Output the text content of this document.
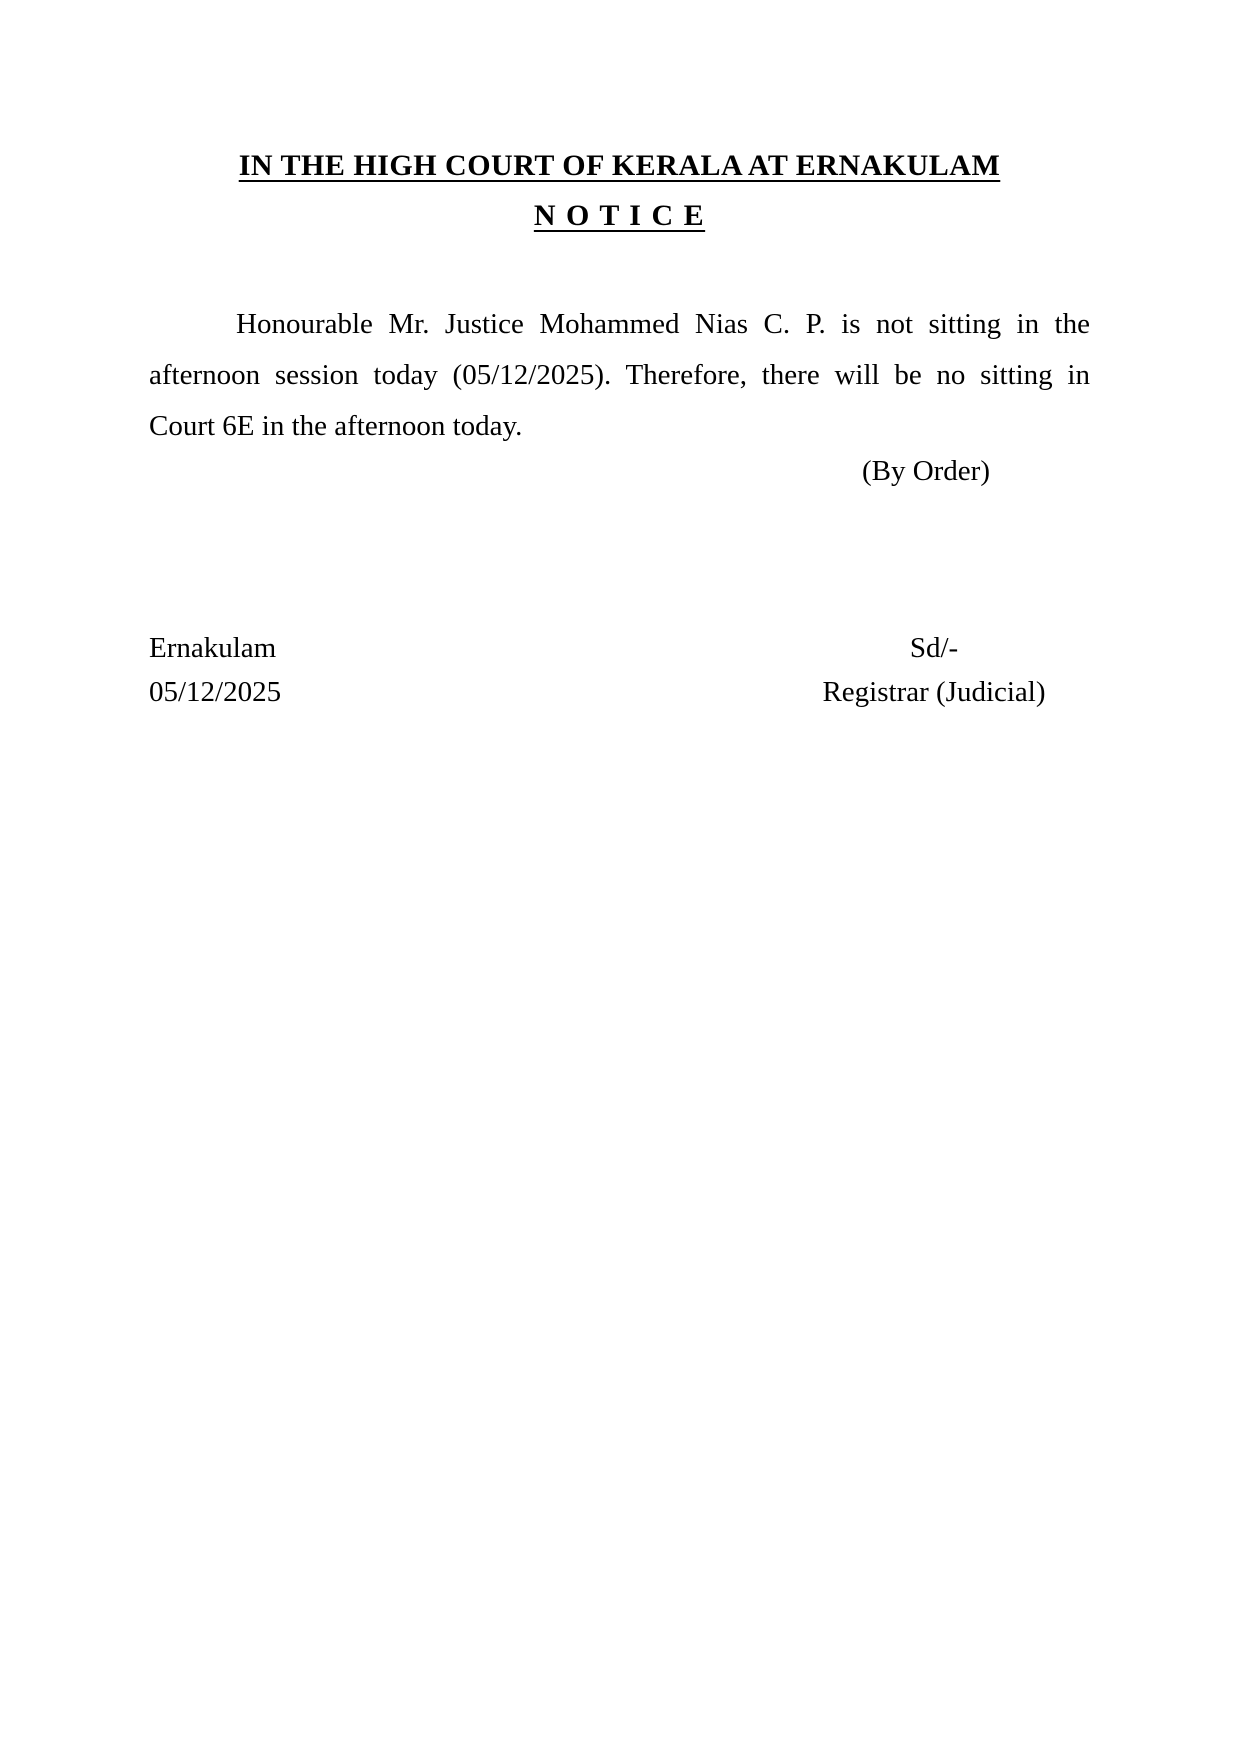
IN THE HIGH COURT OF KERALA AT ERNAKULAM
N O T I C E
Honourable Mr. Justice Mohammed Nias C. P. is not sitting in the
afternoon session today (05/12/2025). Therefore, there will be no sitting in
Court 6E in the afternoon today.
(By Order)
Ernakulam
05/12/2025
Sd/-
Registrar (Judicial)
